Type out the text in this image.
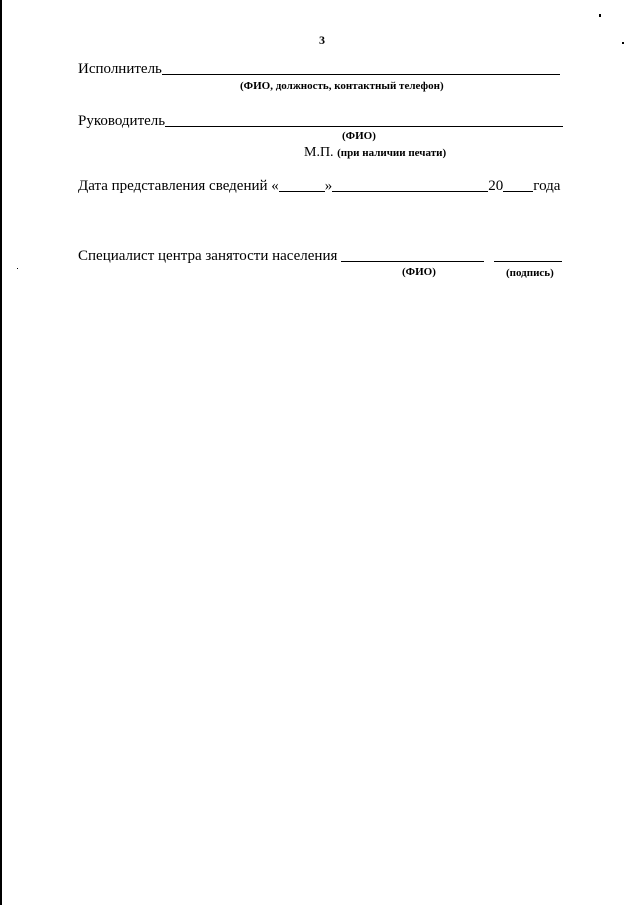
3
Исполнитель
(ФИО, должность, контактный телефон)
Руководитель
(ФИО)
М.П. (при наличии печати)
Дата представления сведений «	»	20 года
Специалист центра занятости населения
(ФИО)	(подпись)
